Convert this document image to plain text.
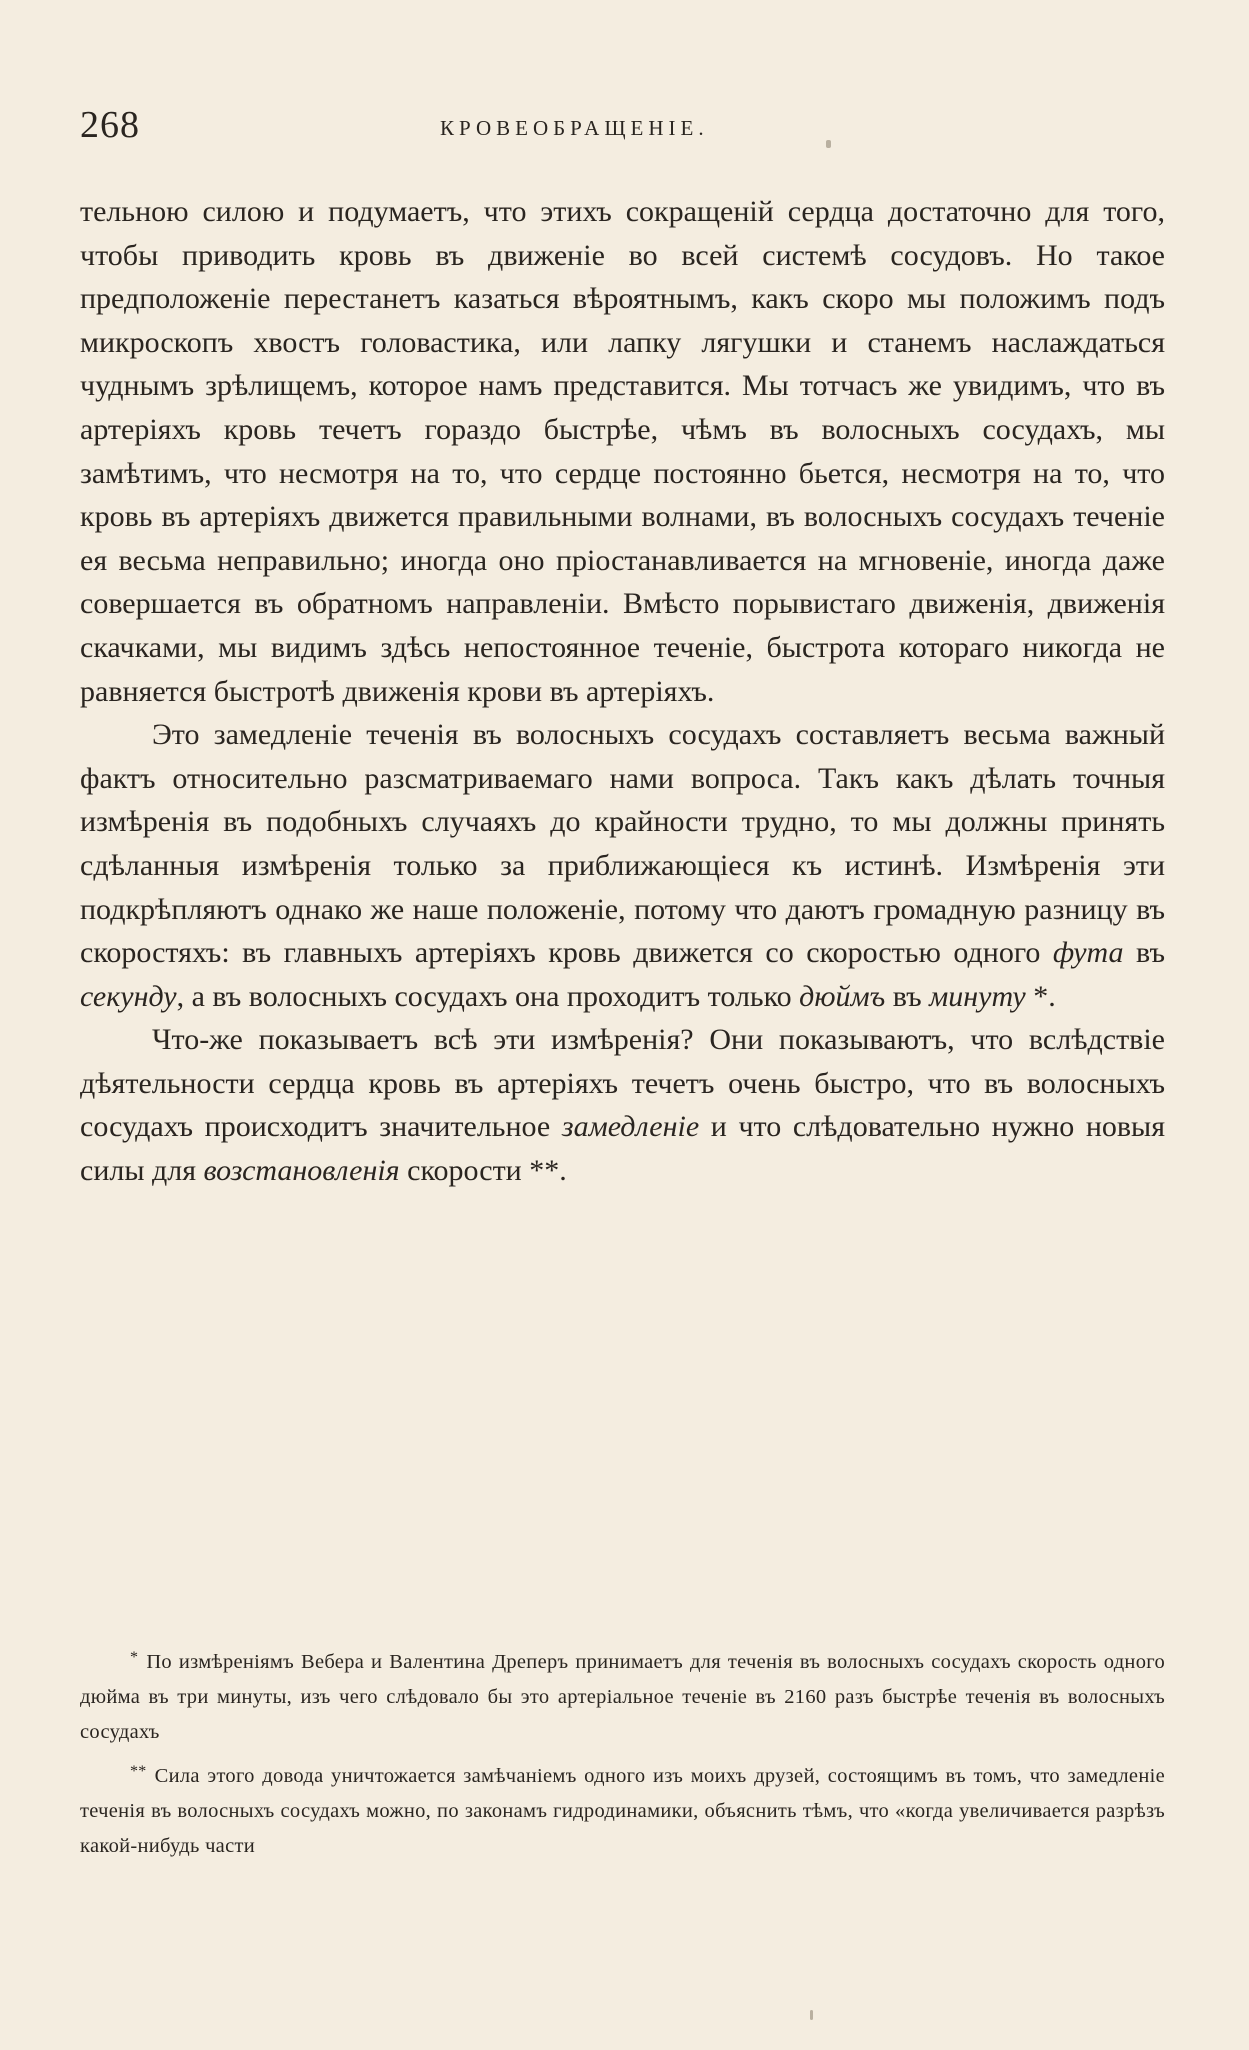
268	КРОВЕОБРАЩЕНІЕ.

тельною силою и подумаетъ, что этихъ сокращеній сердца достаточно для того, чтобы приводить кровь въ движеніе во всей системѣ сосудовъ. Но такое предположеніе перестанетъ казаться вѣроятнымъ, какъ скоро мы положимъ подъ микроскопъ хвостъ головастика, или лапку лягушки и станемъ наслаждаться чуднымъ зрѣлищемъ, которое намъ представится. Мы тотчасъ же увидимъ, что въ артеріяхъ кровь течетъ гораздо быстрѣе, чѣмъ въ волосныхъ сосудахъ, мы замѣтимъ, что несмотря на то, что сердце постоянно бьется, несмотря на то, что кровь въ артеріяхъ движется правильными волнами, въ волосныхъ сосудахъ теченіе ея весьма неправильно; иногда оно пріостанавливается на мгновеніе, иногда даже совершается въ обратномъ направленіи. Вмѣсто порывистаго движенія, движенія скачками, мы видимъ здѣсь непостоянное теченіе, быстрота котораго никогда не равняется быстротѣ движенія крови въ артеріяхъ.

Это замедленіе теченія въ волосныхъ сосудахъ составляетъ весьма важный фактъ относительно разсматриваемаго нами вопроса. Такъ какъ дѣлать точныя измѣренія въ подобныхъ случаяхъ до крайности трудно, то мы должны принять сдѣланныя измѣренія только за приближающіеся къ истинѣ. Измѣренія эти подкрѣпляютъ однако же наше положеніе, потому что даютъ громадную разницу въ скоростяхъ: въ главныхъ артеріяхъ кровь движется со скоростью одного фута въ секунду, а въ волосныхъ сосудахъ она проходитъ только дюймъ въ минуту *.

Что-же показываетъ всѣ эти измѣренія? Они показываютъ, что вслѣдствіе дѣятельности сердца кровь въ артеріяхъ течетъ очень быстро, что въ волосныхъ сосудахъ происходитъ значительное замедленіе и что слѣдовательно нужно новыя силы для возстановленія скорости **.

* По измѣреніямъ Вебера и Валентина Дреперъ принимаетъ для теченія въ волосныхъ сосудахъ скорость одного дюйма въ три минуты, изъ чего слѣдовало бы это артеріальное теченіе въ 2160 разъ быстрѣе теченія въ волосныхъ сосудахъ

** Сила этого довода уничтожается замѣчаніемъ одного изъ моихъ друзей, состоящимъ въ томъ, что замедленіе теченія въ волосныхъ сосудахъ можно, по законамъ гидродинамики, объяснить тѣмъ, что «когда увеличивается разрѣзъ какой-нибудь части
